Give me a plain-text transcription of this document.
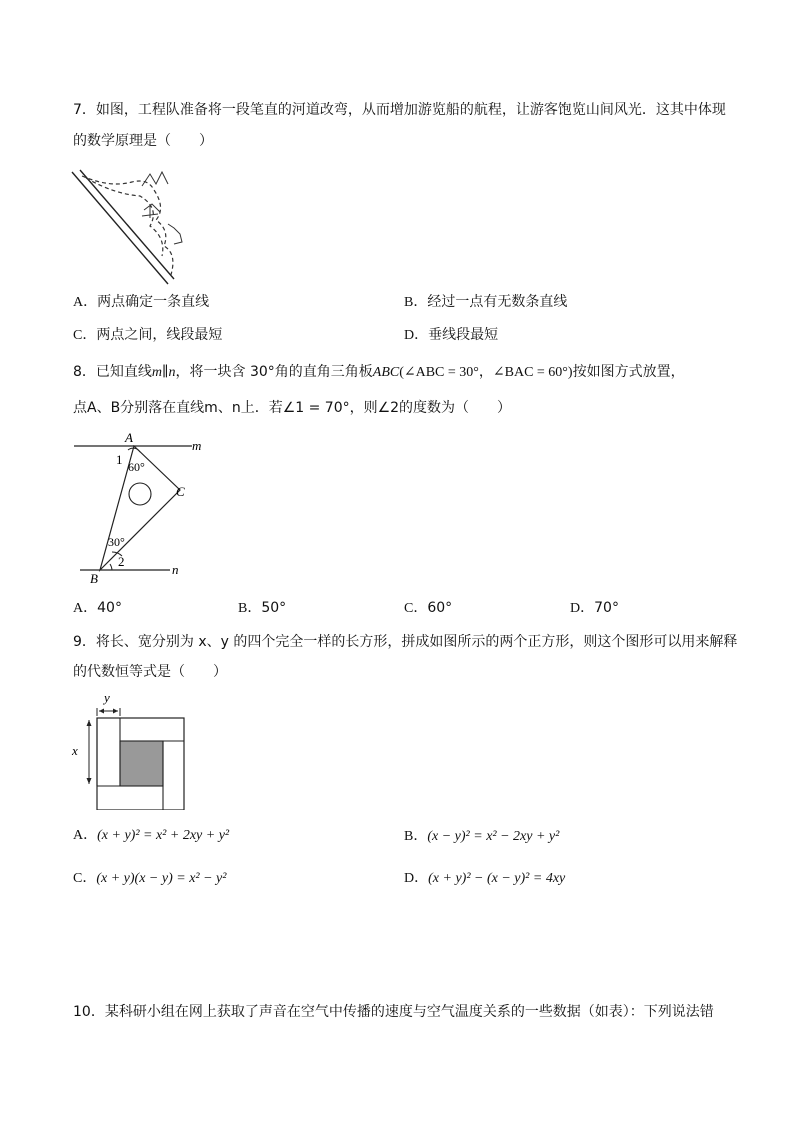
7．如图，工程队准备将一段笔直的河道改弯，从而增加游览船的航程，让游客饱览山间风光．这其中体现
的数学原理是（　　）
A．两点确定一条直线	B．经过一点有无数条直线
C．两点之间，线段最短	D．垂线段最短
8．已知直线m∥n，将一块含 30°角的直角三角板ABC(∠ABC = 30°，∠BAC = 60°)按如图方式放置，
点A、B分别落在直线m、n上．若∠1 = 70°，则∠2的度数为（　　）
A
m
1 60°
C
30°
2
B
n
A．40°	B．50°	C．60°	D．70°
9．将长、宽分别为 x、y 的四个完全一样的长方形，拼成如图所示的两个正方形，则这个图形可以用来解释
的代数恒等式是（　　）
y
x
A．(x + y)² = x² + 2xy + y²	B．(x − y)² = x² − 2xy + y²
C．(x + y)(x − y) = x² − y²	D．(x + y)² − (x − y)² = 4xy
10．某科研小组在网上获取了声音在空气中传播的速度与空气温度关系的一些数据（如表）：下列说法错
